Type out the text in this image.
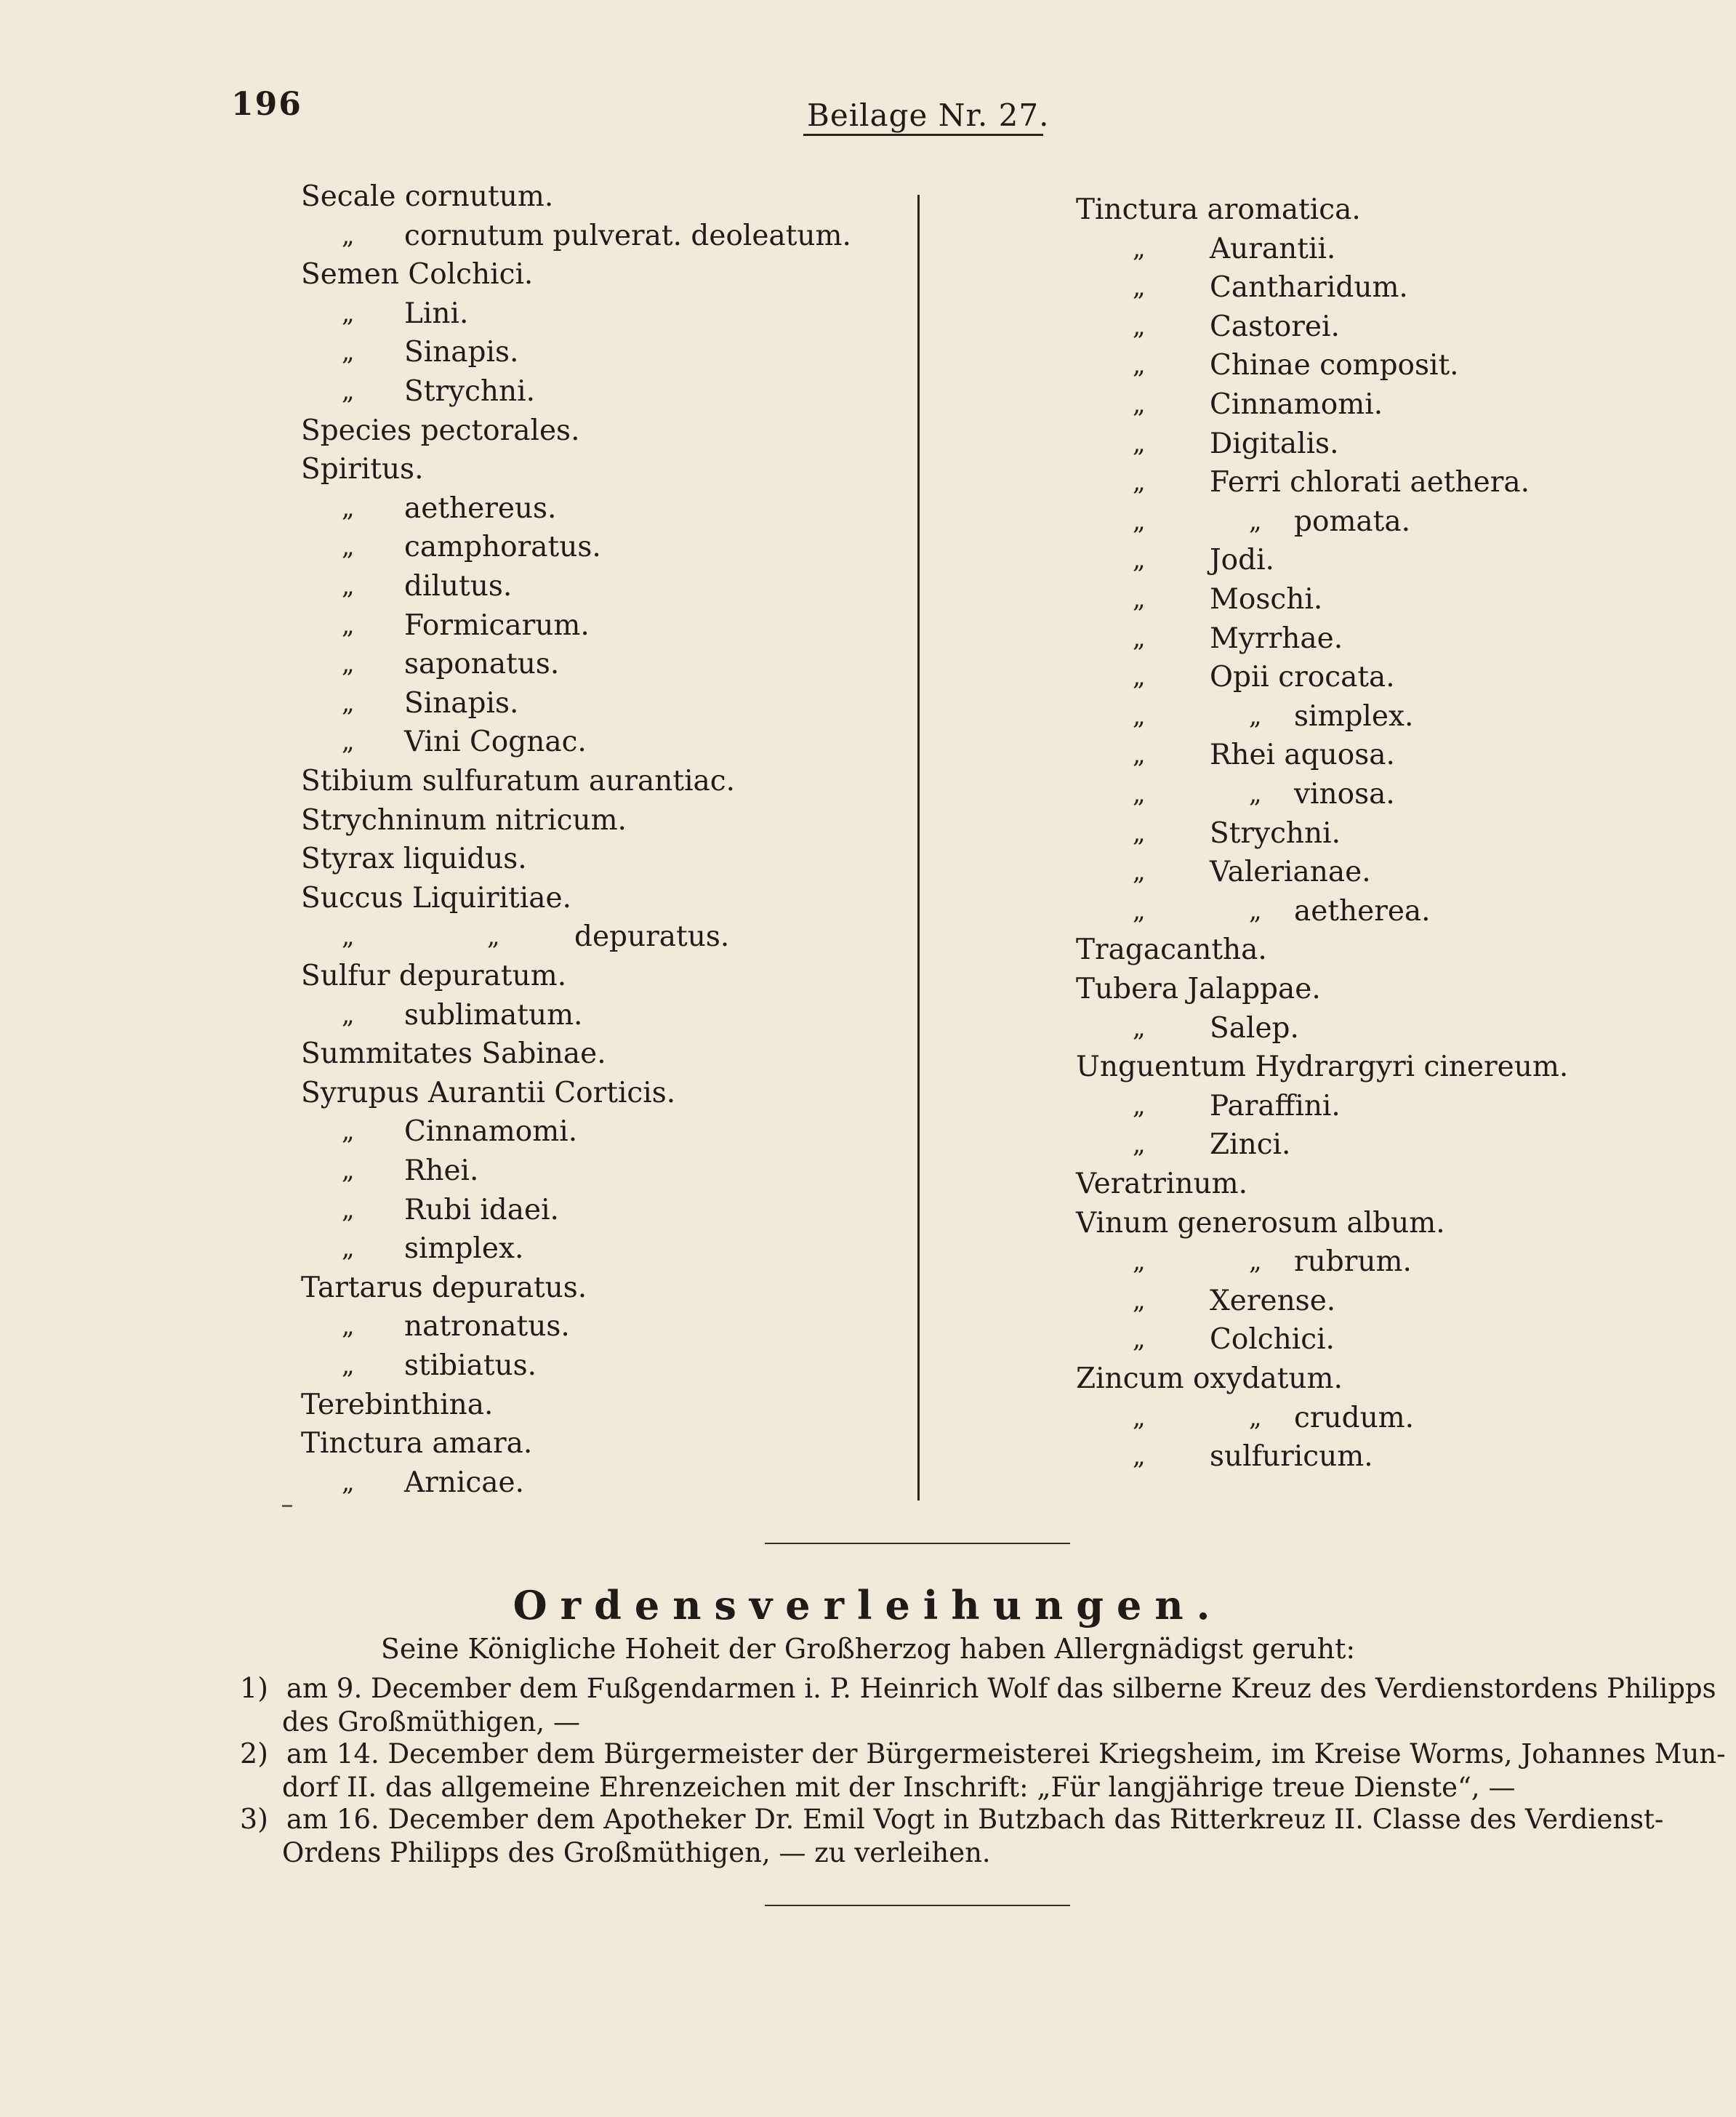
196	Beilage Nr. 27.
Secale cornutum.
„ cornutum pulverat. deoleatum.
Semen Colchici.
„ Lini.
„ Sinapis.
„ Strychni.
Species pectorales.
Spiritus.
„ aethereus.
„ camphoratus.
„ dilutus.
„ Formicarum.
„ saponatus.
„ Sinapis.
„ Vini Cognac.
Stibium sulfuratum aurantiac.
Strychninum nitricum.
Styrax liquidus.
Succus Liquiritiae.
„	„	depuratus.
Sulfur depuratum.
„ sublimatum.
Summitates Sabinae.
Syrupus Aurantii Corticis.
„ Cinnamomi.
„ Rhei.
„ Rubi idaei.
„ simplex.
Tartarus depuratus.
„ natronatus.
„ stibiatus.
Terebinthina.
Tinctura amara.
„ Arnicae.
Tinctura aromatica.
„ Aurantii.
„ Cantharidum.
„ Castorei.
„ Chinae composit.
„ Cinnamomi.
„ Digitalis.
„ Ferri chlorati aethera.
„	„ pomata.
„ Jodi.
„ Moschi.
„ Myrrhae.
„ Opii crocata.
„	„ simplex.
„ Rhei aquosa.
„	„ vinosa.
„ Strychni.
„ Valerianae.
„	„ aetherea.
Tragacantha.
Tubera Jalappae.
„ Salep.
Unguentum Hydrargyri cinereum.
„ Paraffini.
„ Zinci.
Veratrinum.
Vinum generosum album.
„	„ rubrum.
„ Xerense.
„ Colchici.
Zincum oxydatum.
„	„ crudum.
„ sulfuricum.
Ordensverleihungen.
Seine Königliche Hoheit der Großherzog haben Allergnädigst geruht:
1) am 9. December dem Fußgendarmen i. P. Heinrich Wolf das silberne Kreuz des Verdienstordens Philipps
des Großmüthigen, —
2) am 14. December dem Bürgermeister der Bürgermeisterei Kriegsheim, im Kreise Worms, Johannes Mun-
dorf II. das allgemeine Ehrenzeichen mit der Inschrift: „Für langjährige treue Dienste“, —
3) am 16. December dem Apotheker Dr. Emil Vogt in Butzbach das Ritterkreuz II. Classe des Verdienst-
Ordens Philipps des Großmüthigen, — zu verleihen.
